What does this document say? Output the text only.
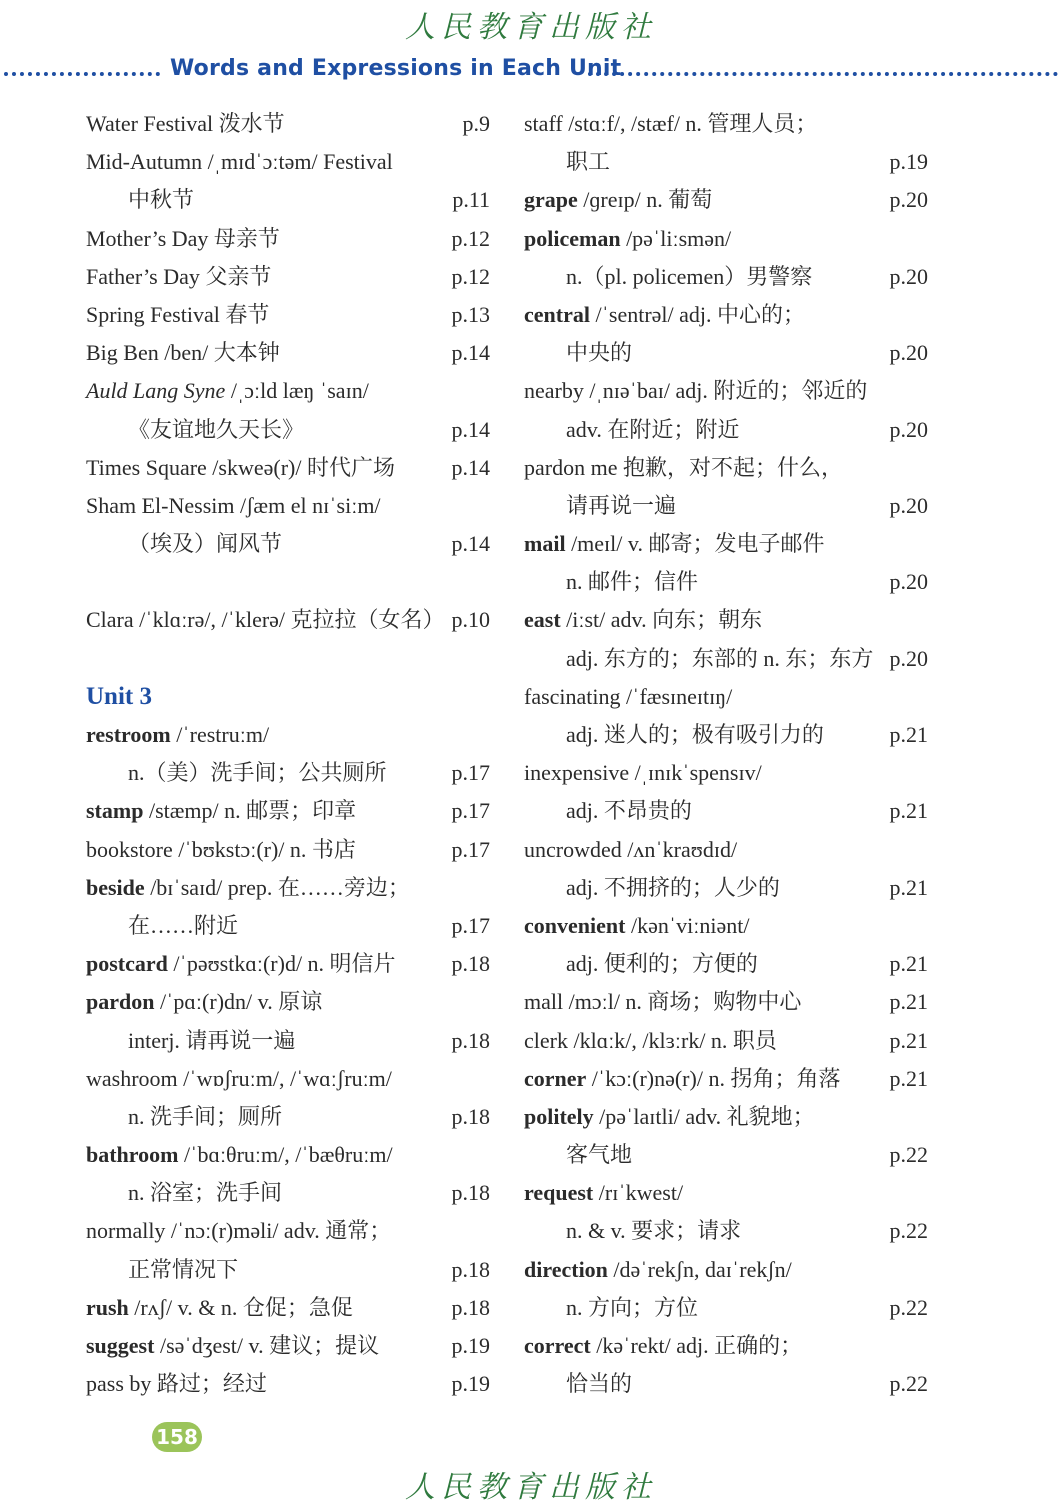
人民教育出版社
Words and Expressions in Each Unit
Water Festival 泼水节	p.9
Mid-Autumn /ˌmɪdˈɔːtəm/ Festival
中秋节	p.11
Mother’s Day 母亲节	p.12
Father’s Day 父亲节	p.12
Spring Festival 春节	p.13
Big Ben /ben/ 大本钟	p.14
Auld Lang Syne /ˌɔːld læŋ ˈsaɪn/
《友谊地久天长》	p.14
Times Square /skweə(r)/ 时代广场	p.14
Sham El-Nessim /ʃæm el nɪˈsiːm/
（埃及）闻风节	p.14
Clara /ˈklɑːrə/, /ˈklerə/ 克拉拉（女名） p.10
Unit 3
restroom /ˈrestruːm/
n.（美）洗手间；公共厕所	p.17
stamp /stæmp/ n. 邮票；印章	p.17
bookstore /ˈbʊkstɔː(r)/ n. 书店	p.17
beside /bɪˈsaɪd/ prep. 在……旁边；
在……附近	p.17
postcard /ˈpəʊstkɑː(r)d/ n. 明信片	p.18
pardon /ˈpɑː(r)dn/ v. 原谅
interj. 请再说一遍	p.18
washroom /ˈwɒʃruːm/, /ˈwɑːʃruːm/
n. 洗手间；厕所	p.18
bathroom /ˈbɑːθruːm/, /ˈbæθruːm/
n. 浴室；洗手间	p.18
normally /ˈnɔː(r)məli/ adv. 通常；
正常情况下	p.18
rush /rʌʃ/ v. & n. 仓促；急促	p.18
suggest /səˈdʒest/ v. 建议；提议	p.19
pass by 路过；经过	p.19
staff /stɑːf/, /stæf/ n. 管理人员；
职工	p.19
grape /ɡreɪp/ n. 葡萄	p.20
policeman /pəˈliːsmən/
n.（pl. policemen）男警察	p.20
central /ˈsentrəl/ adj. 中心的；
中央的	p.20
nearby /ˌnɪəˈbaɪ/ adj. 附近的；邻近的
adv. 在附近；附近	p.20
pardon me 抱歉，对不起；什么，
请再说一遍	p.20
mail /meɪl/ v. 邮寄；发电子邮件
n. 邮件；信件	p.20
east /iːst/ adv. 向东；朝东
adj. 东方的；东部的 n. 东；东方 p.20
fascinating /ˈfæsɪneɪtɪŋ/
adj. 迷人的；极有吸引力的	p.21
inexpensive /ˌɪnɪkˈspensɪv/
adj. 不昂贵的	p.21
uncrowded /ʌnˈkraʊdɪd/
adj. 不拥挤的；人少的	p.21
convenient /kənˈviːniənt/
adj. 便利的；方便的	p.21
mall /mɔːl/ n. 商场；购物中心	p.21
clerk /klɑːk/, /klɜːrk/ n. 职员	p.21
corner /ˈkɔː(r)nə(r)/ n. 拐角；角落 p.21
politely /pəˈlaɪtli/ adv. 礼貌地；
客气地	p.22
request /rɪˈkwest/
n. & v. 要求；请求	p.22
direction /dəˈrekʃn, daɪˈrekʃn/
n. 方向；方位	p.22
correct /kəˈrekt/ adj. 正确的；
恰当的	p.22
158
人民教育出版社
